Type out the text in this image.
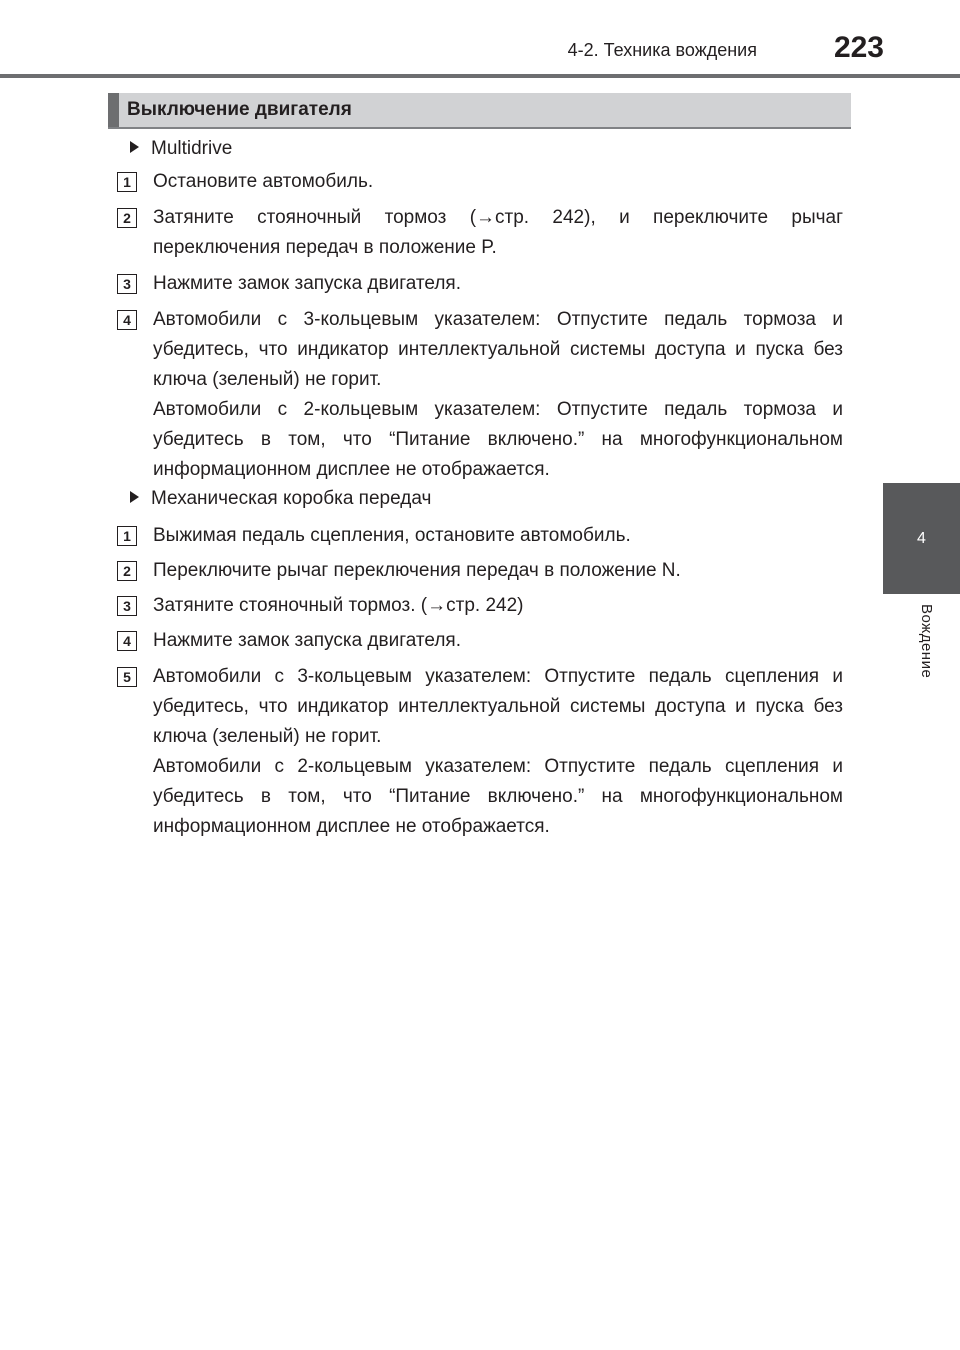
4-2. Техника вождения	223
4
Вождение
Выключение двигателя
Multidrive
1	Остановите автомобиль.

2	Затяните стояночный тормоз (→стр. 242), и переключите рычаг переключения передач в положение P.

3	Нажмите замок запуска двигателя.

4	Автомобили с 3-кольцевым указателем: Отпустите педаль тормоза и убедитесь, что индикатор интеллектуальной системы доступа и пуска без ключа (зеленый) не горит.

Автомобили с 2-кольцевым указателем: Отпустите педаль тормоза и убедитесь в том, что “Питание включено.” на многофункциональном информационном дисплее не отображается.

Механическая коробка передач
1	Выжимая педаль сцепления, остановите автомобиль.

2	Переключите рычаг переключения передач в положение N.

3	Затяните стояночный тормоз. (→стр. 242)

4	Нажмите замок запуска двигателя.

5	Автомобили с 3-кольцевым указателем: Отпустите педаль сцепления и убедитесь, что индикатор интеллектуальной системы доступа и пуска без ключа (зеленый) не горит.

Автомобили с 2-кольцевым указателем: Отпустите педаль сцепления и убедитесь в том, что “Питание включено.” на многофункциональном информационном дисплее не отображается.
